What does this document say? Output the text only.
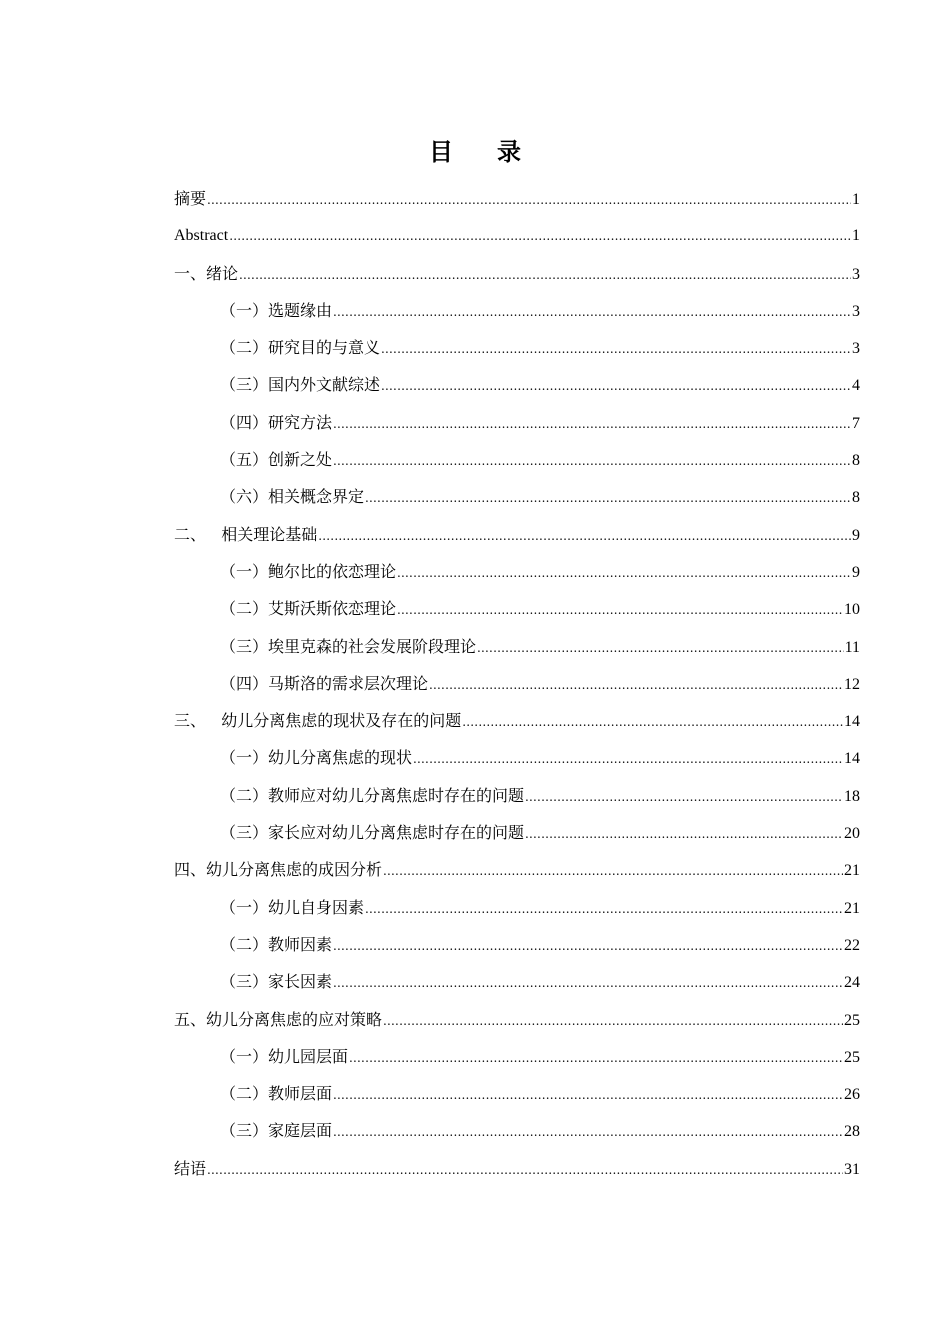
目 录
摘要 .....	1
Abstract .....	1
一、绪论 .....	3
（一）选题缘由 .....	3
（二）研究目的与意义 .....	3
（三）国内外文献综述 .....	4
（四）研究方法 .....	7
（五）创新之处 .....	8
（六）相关概念界定 .....	8
二、   相关理论基础 .....	9
（一）鲍尔比的依恋理论 .....	9
（二）艾斯沃斯依恋理论 .....	10
（三）埃里克森的社会发展阶段理论 .....	11
（四）马斯洛的需求层次理论 .....	12
三、   幼儿分离焦虑的现状及存在的问题 .....	14
（一）幼儿分离焦虑的现状 .....	14
（二）教师应对幼儿分离焦虑时存在的问题 .....	18
（三）家长应对幼儿分离焦虑时存在的问题 .....	20
四、幼儿分离焦虑的成因分析 .....	21
（一）幼儿自身因素 .....	21
（二）教师因素 .....	22
（三）家长因素 .....	24
五、幼儿分离焦虑的应对策略 .....	25
（一）幼儿园层面 .....	25
（二）教师层面 .....	26
（三）家庭层面 .....	28
结语 .....	31
